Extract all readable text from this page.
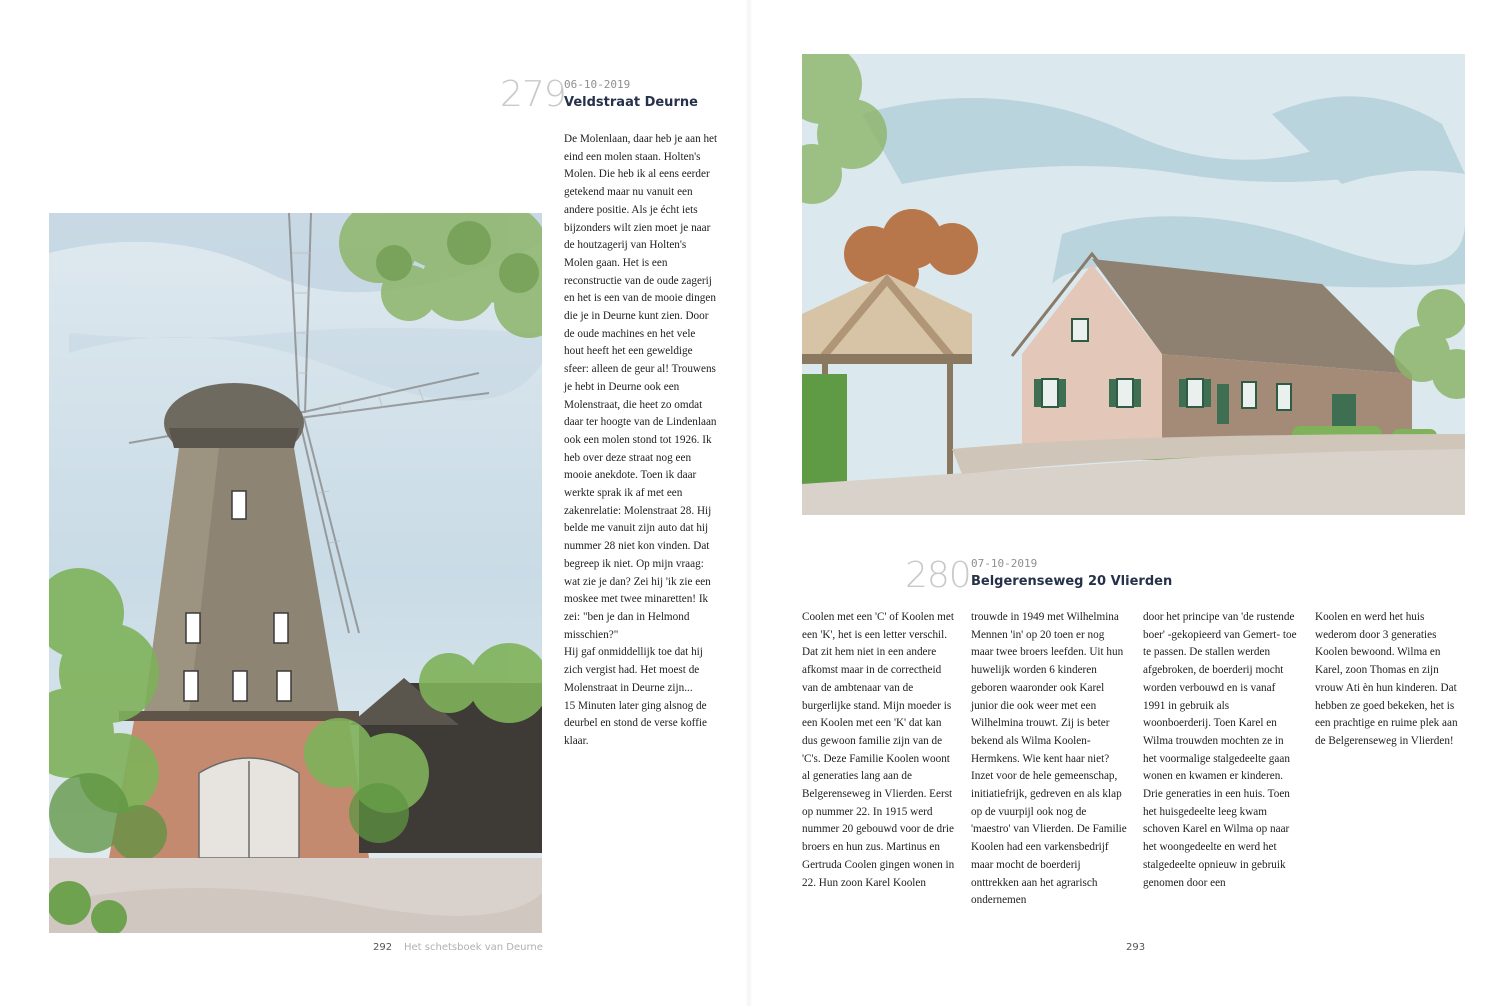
279
06-10-2019
Veldstraat Deurne

De Molenlaan, daar heb je aan het eind een molen staan. Holten's Molen. Die heb ik al eens eerder getekend maar nu vanuit een andere positie. Als je écht iets bijzonders wilt zien moet je naar de houtzagerij van Holten's Molen gaan. Het is een reconstructie van de oude zagerij en het is een van de mooie dingen die je in Deurne kunt zien. Door de oude machines en het vele hout heeft het een geweldige sfeer: alleen de geur al! Trouwens je hebt in Deurne ook een Molenstraat, die heet zo omdat daar ter hoogte van de Lindenlaan ook een molen stond tot 1926. Ik heb over deze straat nog een mooie anekdote. Toen ik daar werkte sprak ik af met een zakenrelatie: Molenstraat 28. Hij belde me vanuit zijn auto dat hij nummer 28 niet kon vinden. Dat begreep ik niet. Op mijn vraag: wat zie je dan? Zei hij 'ik zie een moskee met twee minaretten! Ik zei: "ben je dan in Helmond misschien?"

Hij gaf onmiddellijk toe dat hij zich vergist had. Het moest de Molenstraat in Deurne zijn...

15 Minuten later ging alsnog de deurbel en stond de verse koffie klaar.

292 Het schetsboek van Deurne
280 07-10-2019
Belgerenseweg 20 Vlierden
Coolen met een 'C' of Koolen met een 'K', het is een letter verschil. Dat zit hem niet in een andere afkomst maar in de correctheid van de ambtenaar van de burgerlijke stand. Mijn moeder is een Koolen met een 'K' dat kan dus gewoon familie zijn van de 'C's. Deze Familie Koolen woont al generaties lang aan de Belgerenseweg in Vlierden. Eerst op nummer 22. In 1915 werd nummer 20 gebouwd voor de drie broers en hun zus. Martinus en Gertruda Coolen gingen wonen in 22. Hun zoon Karel Koolen
trouwde in 1949 met Wilhelmina Mennen 'in' op 20 toen er nog maar twee broers leefden. Uit hun huwelijk worden 6 kinderen geboren waaronder ook Karel junior die ook weer met een Wilhelmina trouwt. Zij is beter bekend als Wilma Koolen-Hermkens. Wie kent haar niet? Inzet voor de hele gemeenschap, initiatiefrijk, gedreven en als klap op de vuurpijl ook nog de 'maestro' van Vlierden. De Familie Koolen had een varkensbedrijf maar mocht de boerderij onttrekken aan het agrarisch ondernemen
door het principe van 'de rustende boer' -gekopieerd van Gemert- toe te passen. De stallen werden afgebroken, de boerderij mocht worden verbouwd en is vanaf 1991 in gebruik als woonboerderij. Toen Karel en Wilma trouwden mochten ze in het voormalige stalgedeelte gaan wonen en kwamen er kinderen. Drie generaties in een huis. Toen het huisgedeelte leeg kwam schoven Karel en Wilma op naar het woongedeelte en werd het stalgedeelte opnieuw in gebruik genomen door een
Koolen en werd het huis wederom door 3 generaties Koolen bewoond. Wilma en Karel, zoon Thomas en zijn vrouw Ati èn hun kinderen. Dat hebben ze goed bekeken, het is een prachtige en ruime plek aan de Belgerenseweg in Vlierden!
293
